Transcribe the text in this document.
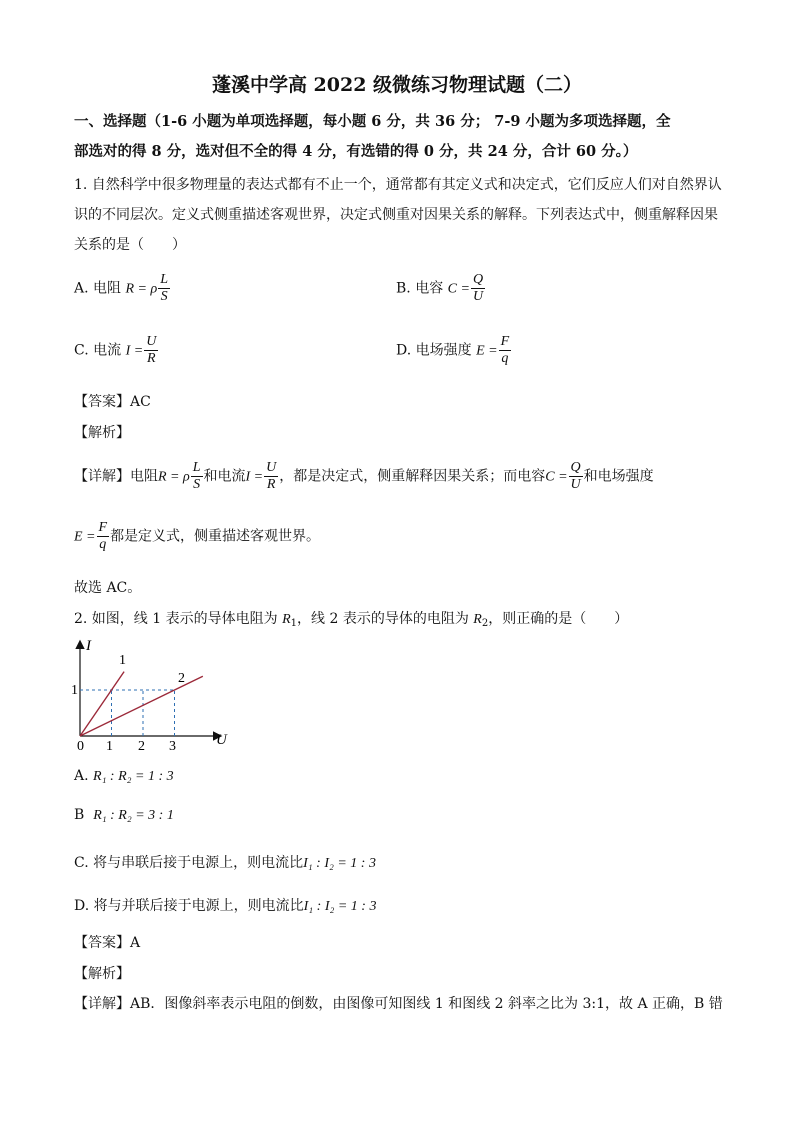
蓬溪中学高 2022 级微练习物理试题（二）
一、选择题（1-6 小题为单项选择题，每小题 6 分，共 36 分； 7-9 小题为多项选择题，全
部选对的得 8 分，选对但不全的得 4 分，有选错的得 0 分，共 24 分，合计 60 分。）
1. 自然科学中很多物理量的表达式都有不止一个，通常都有其定义式和决定式，它们反应人们对自然界认
识的不同层次。定义式侧重描述客观世界，决定式侧重对因果关系的解释。下列表达式中，侧重解释因果
关系的是（　　）
A. 电阻 R = ρ $\frac{L}{S}$	B. 电容 $C = \frac{Q}{U}$
C. 电流 $I = \frac{U}{R}$	D. 电场强度 $E = \frac{F}{q}$
【答案】AC
【解析】
【详解】电阻R = ρ $\frac{L}{S}$ 和电流$I = \frac{U}{R}$ ，都是决定式，侧重解释因果关系；而电容$C = \frac{Q}{U}$ 和电场强度
$E = \frac{F}{q}$ 都是定义式，侧重描述客观世界。
故选 AC。
2. 如图，线 1 表示的导体电阻为 $R_1$，线 2 表示的导体的电阻为 $R_2$，则正确的是（　　）
I
U
0
1
1 2 3
1
2
A. R₁ : R₂ = 1 : 3
B R₁ : R₂ = 3 : 1
C. 将与串联后接于电源上，则电流比I₁ : I₂ = 1 : 3
D. 将与并联后接于电源上，则电流比I₁ : I₂ = 1 : 3
【答案】A
【解析】
【详解】AB．图像斜率表示电阻的倒数，由图像可知图线 1 和图线 2 斜率之比为 3:1，故 A 正确，B 错
